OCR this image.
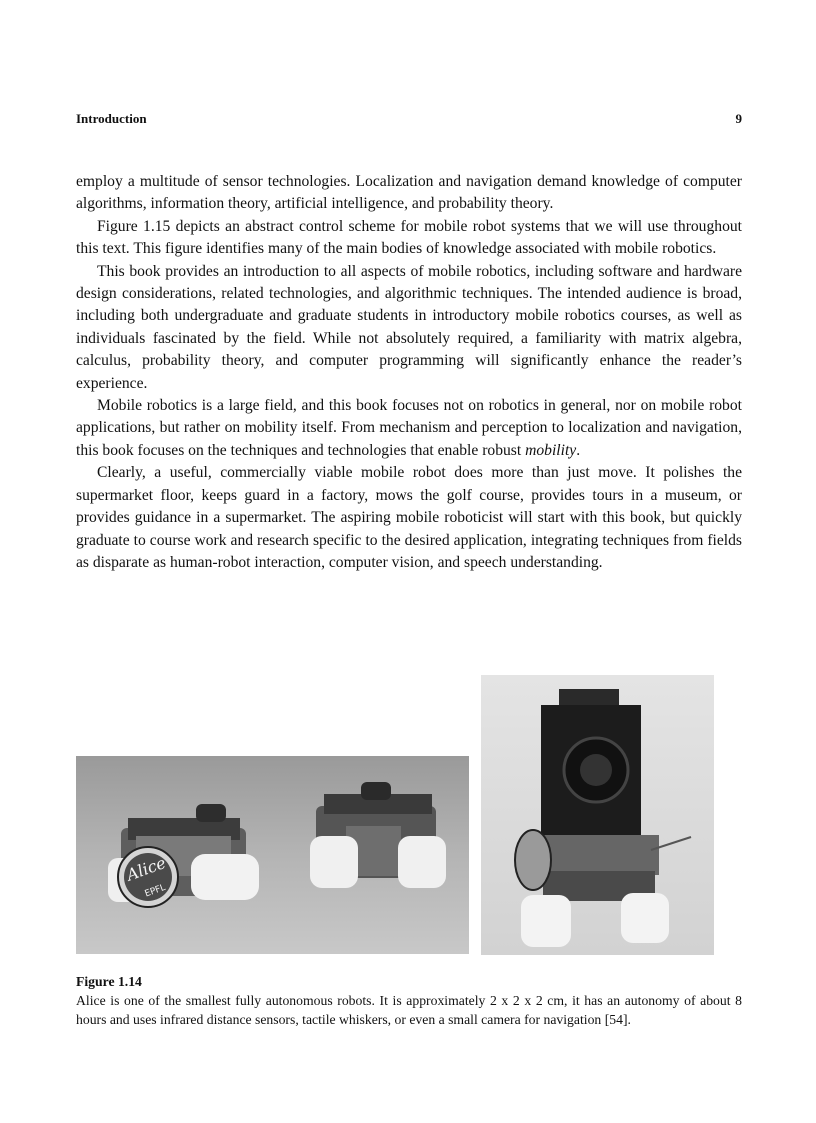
Introduction	9

employ a multitude of sensor technologies. Localization and navigation demand knowledge of computer algorithms, information theory, artificial intelligence, and probability theory.

Figure 1.15 depicts an abstract control scheme for mobile robot systems that we will use throughout this text. This figure identifies many of the main bodies of knowledge associated with mobile robotics.

This book provides an introduction to all aspects of mobile robotics, including software and hardware design considerations, related technologies, and algorithmic techniques. The intended audience is broad, including both undergraduate and graduate students in introductory mobile robotics courses, as well as individuals fascinated by the field. While not absolutely required, a familiarity with matrix algebra, calculus, probability theory, and computer programming will significantly enhance the reader’s experience.

Mobile robotics is a large field, and this book focuses not on robotics in general, nor on mobile robot applications, but rather on mobility itself. From mechanism and perception to localization and navigation, this book focuses on the techniques and technologies that enable robust mobility.

Clearly, a useful, commercially viable mobile robot does more than just move. It polishes the supermarket floor, keeps guard in a factory, mows the golf course, provides tours in a museum, or provides guidance in a supermarket. The aspiring mobile roboticist will start with this book, but quickly graduate to course work and research specific to the desired application, integrating techniques from fields as disparate as human-robot interaction, computer vision, and speech understanding.

Alice
EPFL
Figure 1.14
Alice is one of the smallest fully autonomous robots. It is approximately 2 x 2 x 2 cm, it has an autonomy of about 8 hours and uses infrared distance sensors, tactile whiskers, or even a small camera for navigation [54].
